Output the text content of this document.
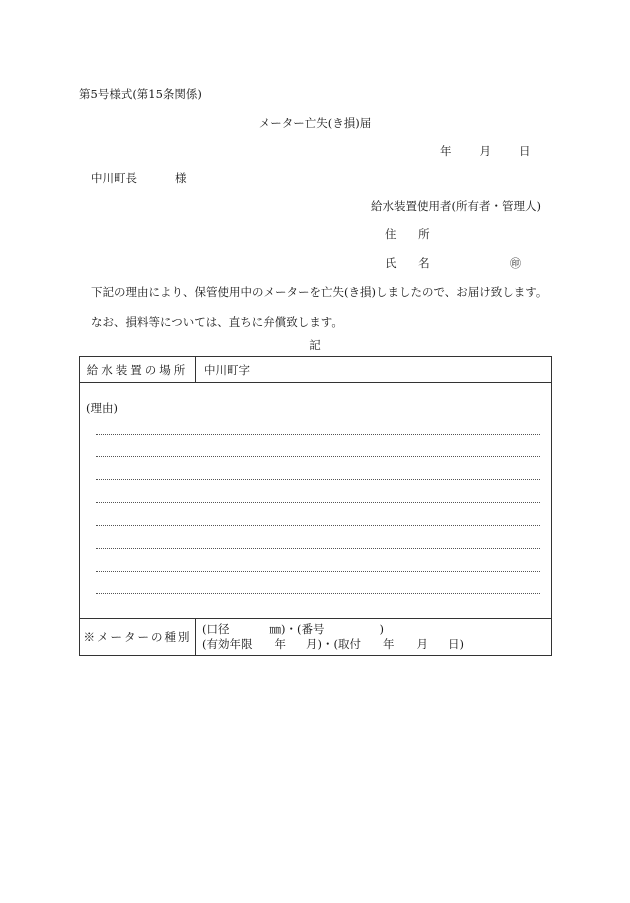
第5号様式(第15条関係)
メーター亡失(き損)届
年 月 日
中川町長	様
給水装置使用者(所有者・管理人)
住 所
氏 名	㊞
下記の理由により、保管使用中のメーターを亡失(き損)しましたので、お届け致します。
なお、損料等については、直ちに弁償致します。
記
給水装置の場所	中川町字
(理由)
※メーターの種別
(口径	㎜)・(番号	)
(有効年限 年 月)・(取付 年 月 日)
